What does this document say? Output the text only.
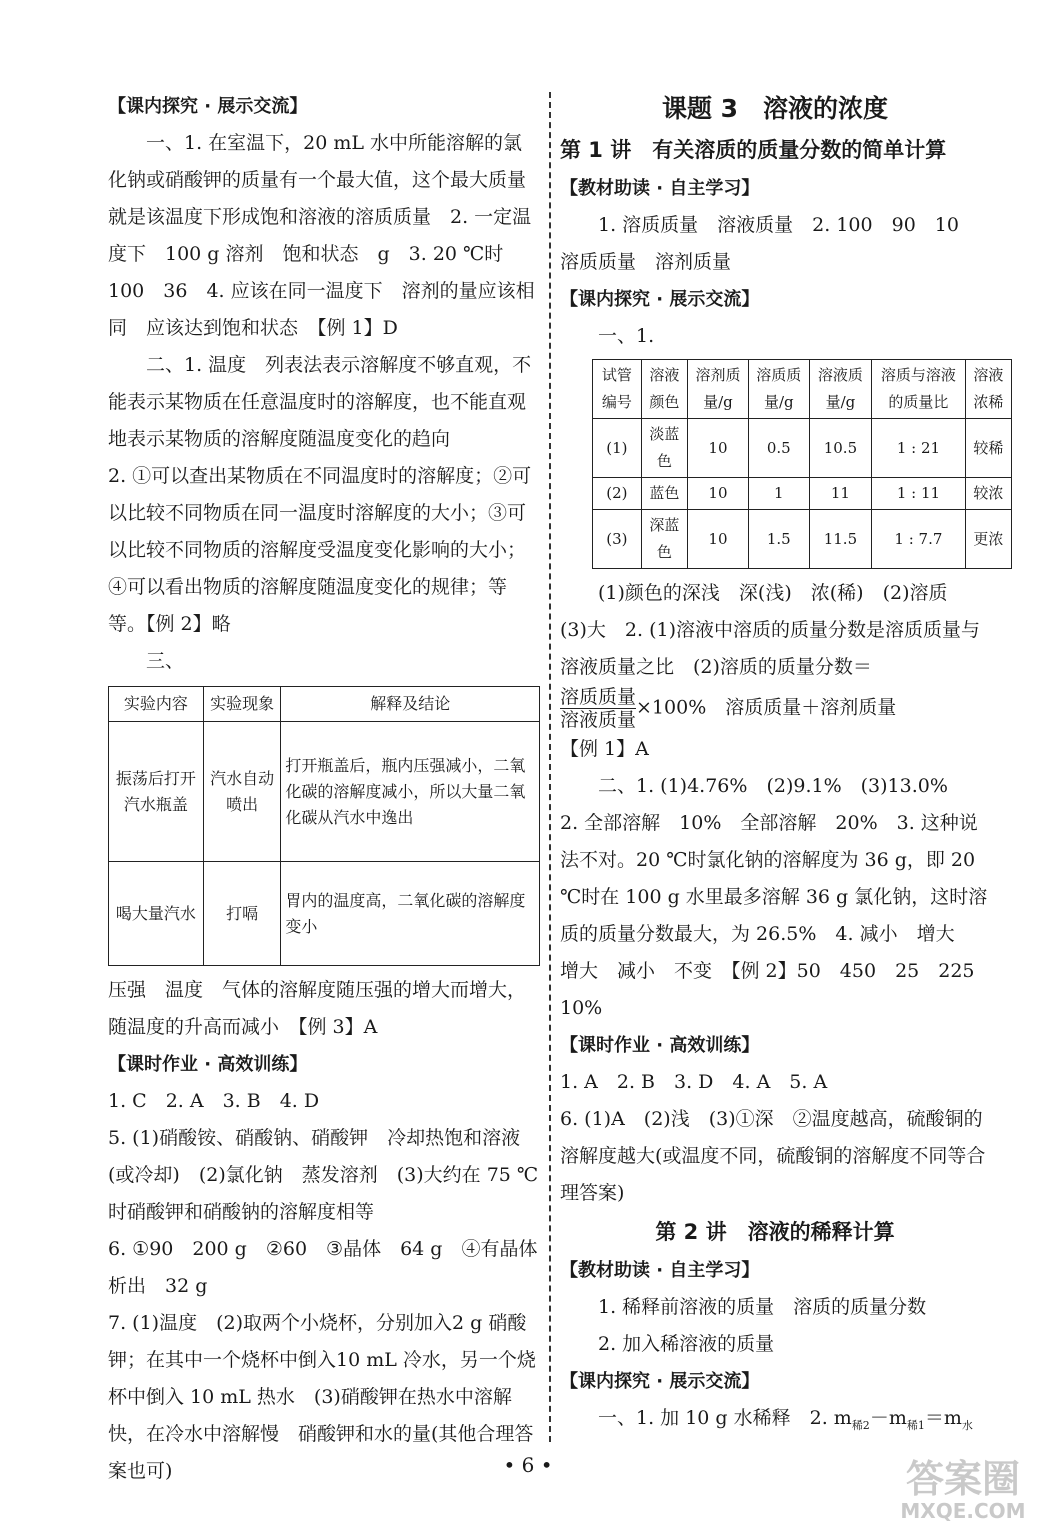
【课内探究 · 展示交流】

一、1. 在室温下，20 mL 水中所能溶解的氯化钠或硝酸钾的质量有一个最大值，这个最大质量就是该温度下形成饱和溶液的溶质质量　2. 一定温度下　100 g 溶剂　饱和状态　g　3. 20 ℃时　100　36　4. 应该在同一温度下　溶剂的量应该相同　应该达到饱和状态　【例 1】D

二、1. 温度　列表法表示溶解度不够直观，不能表示某物质在任意温度时的溶解度，也不能直观地表示某物质的溶解度随温度变化的趋向

2. ①可以查出某物质在不同温度时的溶解度；②可以比较不同物质在同一温度时溶解度的大小；③可以比较不同物质的溶解度受温度变化影响的大小；④可以看出物质的溶解度随温度变化的规律；等等。【例 2】略

三、

实验内容	实验现象	解释及结论
振荡后打开汽水瓶盖	汽水自动喷出	打开瓶盖后，瓶内压强减小，二氧化碳的溶解度减小，所以大量二氧化碳从汽水中逸出
喝大量汽水	打嗝	胃内的温度高，二氧化碳的溶解度变小

压强　温度　气体的溶解度随压强的增大而增大，随温度的升高而减小　【例 3】A

【课时作业 · 高效训练】

1. C　2. A　3. B　4. D

5. (1)硝酸铵、硝酸钠、硝酸钾　冷却热饱和溶液(或冷却)　(2)氯化钠　蒸发溶剂　(3)大约在 75 ℃时硝酸钾和硝酸钠的溶解度相等

6. ①90　200 g　②60　③晶体　64 g　④有晶体析出　32 g

7. (1)温度　(2)取两个小烧杯，分别加入2 g 硝酸钾；在其中一个烧杯中倒入10 mL 冷水，另一个烧杯中倒入 10 mL 热水　(3)硝酸钾在热水中溶解快，在冷水中溶解慢　硝酸钾和水的量(其他合理答案也可)

课题 3　溶液的浓度

第 1 讲　有关溶质的质量分数的简单计算

【教材助读 · 自主学习】

1. 溶质质量　溶液质量　2. 100　90　10　溶质质量　溶剂质量

【课内探究 · 展示交流】

一、1.

试管编号	溶液颜色	溶剂质量/g	溶质质量/g	溶液质量/g	溶质与溶液的质量比	溶液浓稀
(1)	淡蓝色	10	0.5	10.5	1 : 21	较稀
(2)	蓝色	10	1	11	1 : 11	较浓
(3)	深蓝色	10	1.5	11.5	1 : 7.7	更浓

(1)颜色的深浅　深(浅)　浓(稀)　(2)溶质　(3)大　2. (1)溶液中溶质的质量分数是溶质质量与溶液质量之比　(2)溶质的质量分数＝

$\frac{\text{溶质质量}}{\text{溶液质量}} \times 100\%$　溶质质量＋溶剂质量

【例 1】A

二、1. (1)4.76%　(2)9.1%　(3)13.0%

2. 全部溶解　10%　全部溶解　20%　3. 这种说法不对。20 ℃时氯化钠的溶解度为 36 g，即 20 ℃时在 100 g 水里最多溶解 36 g 氯化钠，这时溶质的质量分数最大，为 26.5%　4. 减小　增大　增大　减小　不变　【例 2】50　450　25　225　10%

【课时作业 · 高效训练】

1. A　2. B　3. D　4. A　5. A

6. (1)A　(2)浅　(3)①深　②温度越高，硫酸铜的溶解度越大(或温度不同，硫酸铜的溶解度不同等合理答案)

第 2 讲　溶液的稀释计算

【教材助读 · 自主学习】

1. 稀释前溶液的质量　溶质的质量分数

2. 加入稀溶液的质量

【课内探究 · 展示交流】

一、1. 加 10 g 水稀释　2. $m_{稀2}-m_{稀1}=m_水$

• 6 •	答案圈
MXQE.COM
